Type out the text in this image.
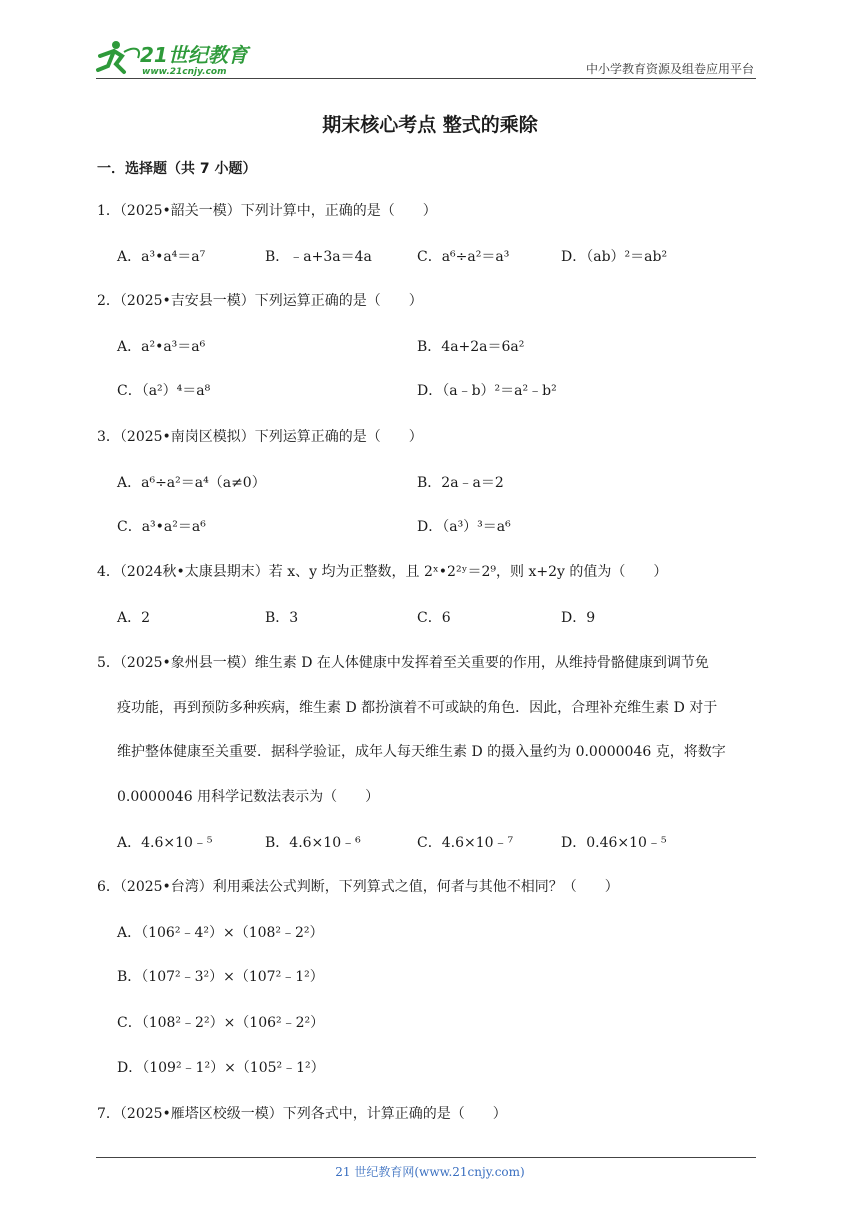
21世纪教育
www.21cnjy.com	中小学教育资源及组卷应用平台
期末核心考点 整式的乘除
一．选择题（共 7 小题）
1．（2025•韶关一模）下列计算中，正确的是（　　）
A．a³•a⁴＝a⁷	B．﹣a+3a＝4a	C．a⁶÷a²＝a³	D．（ab）²＝ab²
2．（2025•吉安县一模）下列运算正确的是（　　）
A．a²•a³＝a⁶	B．4a+2a＝6a²
C．（a²）⁴＝a⁸	D．（a﹣b）²＝a²﹣b²
3．（2025•南岗区模拟）下列运算正确的是（　　）
A．a⁶÷a²＝a⁴（a≠0）	B．2a﹣a＝2
C．a³•a²＝a⁶	D．（a³）³＝a⁶
4．（2024秋•太康县期末）若 x、y 均为正整数，且 2ˣ•2²ʸ＝2⁹，则 x+2y 的值为（　　）
A．2	B．3	C．6	D．9
5．（2025•象州县一模）维生素 D 在人体健康中发挥着至关重要的作用，从维持骨骼健康到调节免
疫功能，再到预防多种疾病，维生素 D 都扮演着不可或缺的角色．因此，合理补充维生素 D 对于
维护整体健康至关重要．据科学验证，成年人每天维生素 D 的摄入量约为 0.0000046 克，将数字
0.0000046 用科学记数法表示为（　　）
A．4.6×10﹣⁵	B．4.6×10﹣⁶	C．4.6×10﹣⁷	D．0.46×10﹣⁵
6．（2025•台湾）利用乘法公式判断，下列算式之值，何者与其他不相同？（　　）
A．（106²﹣4²）×（108²﹣2²）
B．（107²﹣3²）×（107²﹣1²）
C．（108²﹣2²）×（106²﹣2²）
D．（109²﹣1²）×（105²﹣1²）
7．（2025•雁塔区校级一模）下列各式中，计算正确的是（　　）
21 世纪教育网(www.21cnjy.com)
